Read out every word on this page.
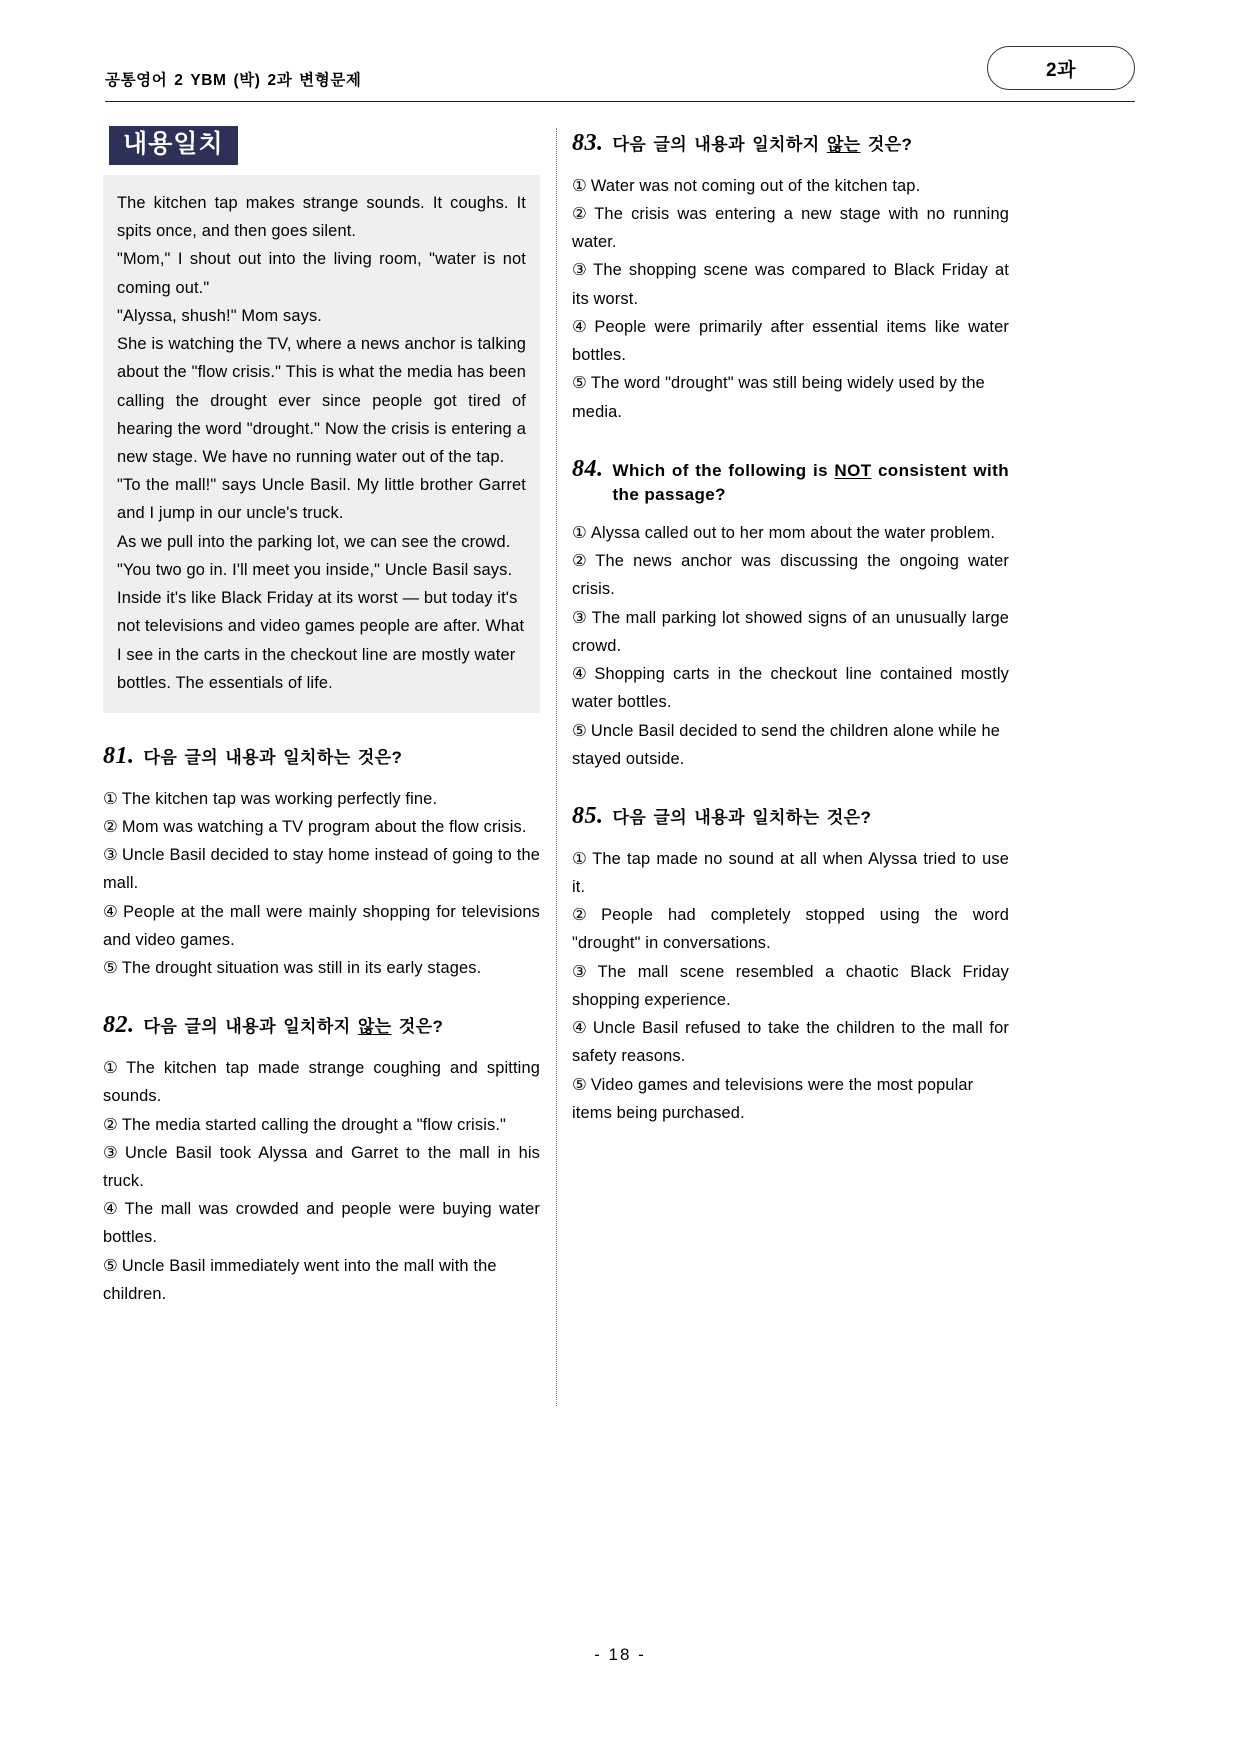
공통영어 2 YBM (박) 2과 변형문제	2과
내용일치

The kitchen tap makes strange sounds. It coughs. It spits once, and then goes silent.

"Mom," I shout out into the living room, "water is not coming out."

"Alyssa, shush!" Mom says.

She is watching the TV, where a news anchor is talking about the "flow crisis." This is what the media has been calling the drought ever since people got tired of hearing the word "drought." Now the crisis is entering a new stage. We have no running water out of the tap.

"To the mall!" says Uncle Basil. My little brother Garret and I jump in our uncle's truck.

As we pull into the parking lot, we can see the crowd.

"You two go in. I'll meet you inside," Uncle Basil says.

Inside it's like Black Friday at its worst — but today it's not televisions and video games people are after. What I see in the carts in the checkout line are mostly water bottles. The essentials of life.

81. 다음 글의 내용과 일치하는 것은?
① The kitchen tap was working perfectly fine.
② Mom was watching a TV program about the flow crisis.
③ Uncle Basil decided to stay home instead of going to the mall.
④ People at the mall were mainly shopping for televisions and video games.
⑤ The drought situation was still in its early stages.
82. 다음 글의 내용과 일치하지 않는 것은?
① The kitchen tap made strange coughing and spitting sounds.
② The media started calling the drought a "flow crisis."
③ Uncle Basil took Alyssa and Garret to the mall in his truck.
④ The mall was crowded and people were buying water bottles.
⑤ Uncle Basil immediately went into the mall with the children.
83. 다음 글의 내용과 일치하지 않는 것은?
① Water was not coming out of the kitchen tap.
② The crisis was entering a new stage with no running water.
③ The shopping scene was compared to Black Friday at its worst.
④ People were primarily after essential items like water bottles.
⑤ The word "drought" was still being widely used by the media.
84. Which of the following is NOT consistent with the passage?
① Alyssa called out to her mom about the water problem.
② The news anchor was discussing the ongoing water crisis.
③ The mall parking lot showed signs of an unusually large crowd.
④ Shopping carts in the checkout line contained mostly water bottles.
⑤ Uncle Basil decided to send the children alone while he stayed outside.
85. 다음 글의 내용과 일치하는 것은?
① The tap made no sound at all when Alyssa tried to use it.
② People had completely stopped using the word "drought" in conversations.
③ The mall scene resembled a chaotic Black Friday shopping experience.
④ Uncle Basil refused to take the children to the mall for safety reasons.
⑤ Video games and televisions were the most popular items being purchased.
- 18 -
